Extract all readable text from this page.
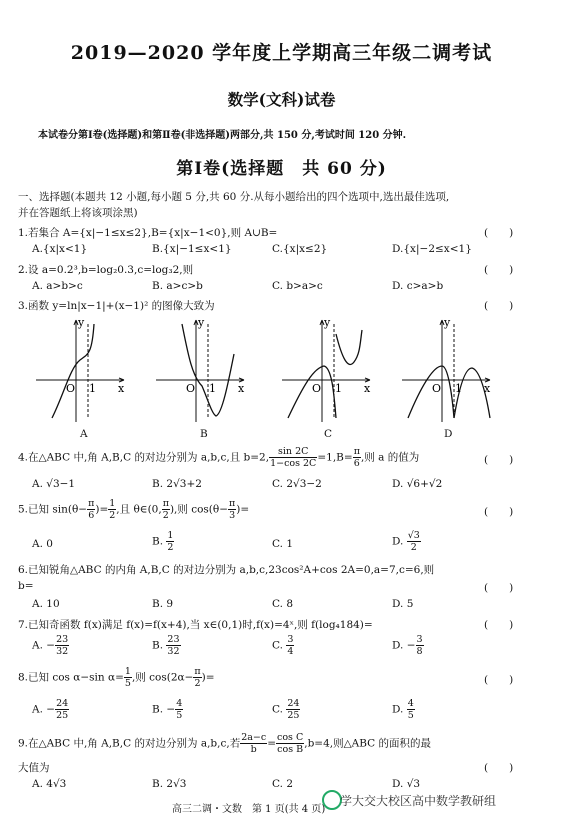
2019—2020 学年度上学期高三年级二调考试
数学(文科)试卷
本试卷分第Ⅰ卷(选择题)和第Ⅱ卷(非选择题)两部分,共 150 分,考试时间 120 分钟.
第Ⅰ卷(选择题　共 60 分)
一、选择题(本题共 12 小题,每小题 5 分,共 60 分.从每小题给出的四个选项中,选出最佳选项,
并在答题纸上将该项涂黑)
1.若集合 A={x|−1≤x≤2},B={x|x−1<0},则 A∪B=	(　　)
A.{x|x<1}	B.{x|−1≤x<1}	C.{x|x≤2}	D.{x|−2≤x<1}
2.设 a=0.2³,b=log₂0.3,c=log₃2,则	(　　)
A. a>b>c	B. a>c>b	C. b>a>c	D. c>a>b
3.函数 y=ln|x−1|+(x−1)² 的图像大致为	(　　)
y
x
O 1
y
x
O 1
y
x
O 1
y
x
O 1
A	B	C	D
4.在△ABC 中,角 A,B,C 的对边分别为 a,b,c,且 b=2, $\frac{\sin 2C}{1-\cos 2C} =1,B= \frac{\pi}{6}$ ,则 a 的值为	(　　)
A. √3−1	B. 2√3+2	C. 2√3−2	D. √6+√2
5.已知 $\sin(\theta- \frac{\pi}{6}$ )= $\frac{1}{2}$ ,且 θ∈(0, $\frac{\pi}{2}$ ),则 $\cos(\theta- \frac{\pi}{3}$ )=	(　　)
A. 0	B. $\frac{1}{2}$	C. 1	D. $\frac{√3}{2}$
6.已知锐角△ABC 的内角 A,B,C 的对边分别为 a,b,c,23cos²A+cos 2A=0,a=7,c=6,则
b=	(　　)
A. 10	B. 9	C. 8	D. 5
7.已知奇函数 f(x)满足 f(x)=f(x+4),当 x∈(0,1)时,f(x)=4ˣ,则 f(log₄184)=	(　　)
A. − $\frac{23}{32}$	B. $\frac{23}{32}$	C. $\frac{3}{4}$	D. − $\frac{3}{8}$
8.已知 cos α−sin $\alpha= \frac{1}{5}$ ,则 $\cos(2\alpha- \frac{\pi}{2}$ )=	(　　)
A. − $\frac{24}{25}$	B. − $\frac{4}{5}$	C. $\frac{24}{25}$	D. $\frac{4}{5}$
9.在△ABC 中,角 A,B,C 的对边分别为 a,b,c,若 $\frac{2a-c}{b} = \frac{\text{cos C}}{\text{cos B}} ,b=4$,则△ABC 的面积的最
大值为	(　　)
A. 4√3	B. 2√3	C. 2	D. √3
高三二调・文数　第 1 页(共 4 页)
学大交大校区高中数学教研组
